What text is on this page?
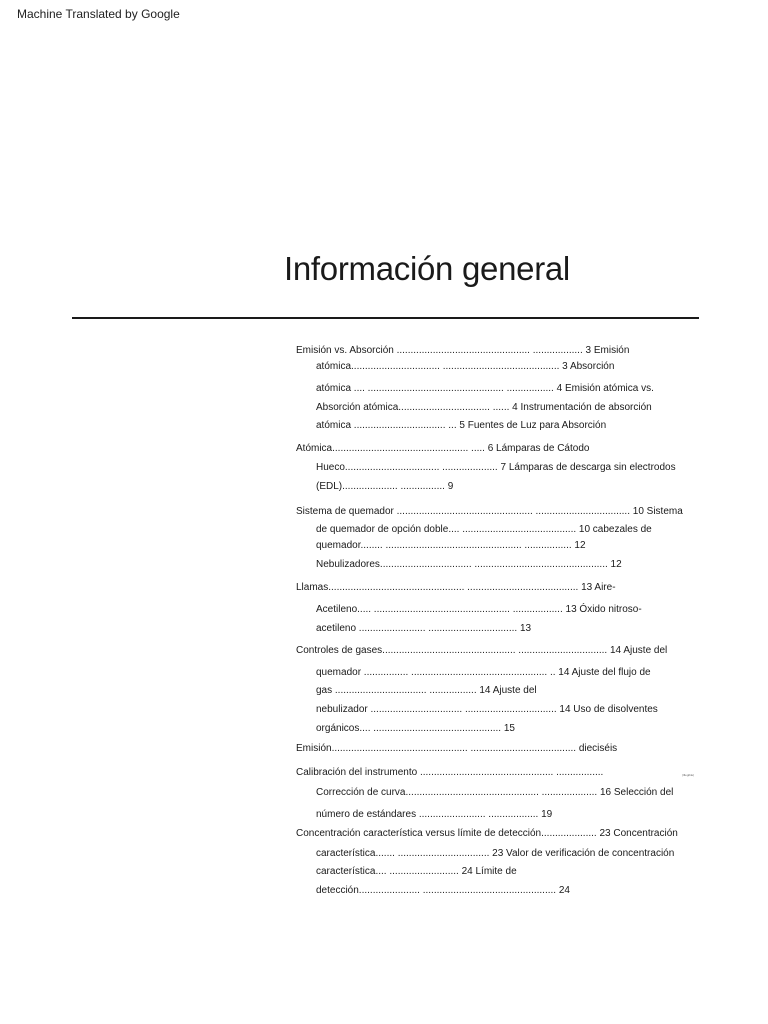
Machine Translated by Google
Información general
Emisión vs. Absorción ................................................ .................. 3 Emisión
atómica................................ .......................................... 3 Absorción
atómica .... ................................................. ................. 4 Emisión atómica vs.
Absorción atómica................................. ...... 4 Instrumentación de absorción
atómica ................................. ... 5 Fuentes de Luz para Absorción
Atómica................................................. ..... 6 Lámparas de Cátodo
Hueco.................................. .................... 7 Lámparas de descarga sin electrodos
(EDL).................... ................ 9
Sistema de quemador ................................................. .................................. 10 Sistema
de quemador de opción doble.... ......................................... 10 cabezales de
quemador........ ................................................. ................. 12
Nebulizadores................................. ................................................ 12
Llamas................................................. ........................................ 13 Aire-
Acetileno..... ................................................. .................. 13 Óxido nitroso-
acetileno ........................ ................................ 13
Controles de gases................................................ ................................ 14 Ajuste del
quemador ................ ................................................. .. 14 Ajuste del flujo de
gas ................................. ................. 14 Ajuste del
nebulizador ................................. ................................. 14 Uso de disolventes
orgánicos.... .............................................. 15
Emisión................................................. ...................................... dieciséis
Calibración del instrumento ................................................ .................
Corrección de curva................................................ .................... 16 Selección del
número de estándares ........................ .................. 19
Concentración característica versus límite de detección.................... 23 Concentración
característica....... ................................. 23 Valor de verificación de concentración
característica.... ......................... 24 Límite de
detección...................... ................................................ 24
(Illegible)
